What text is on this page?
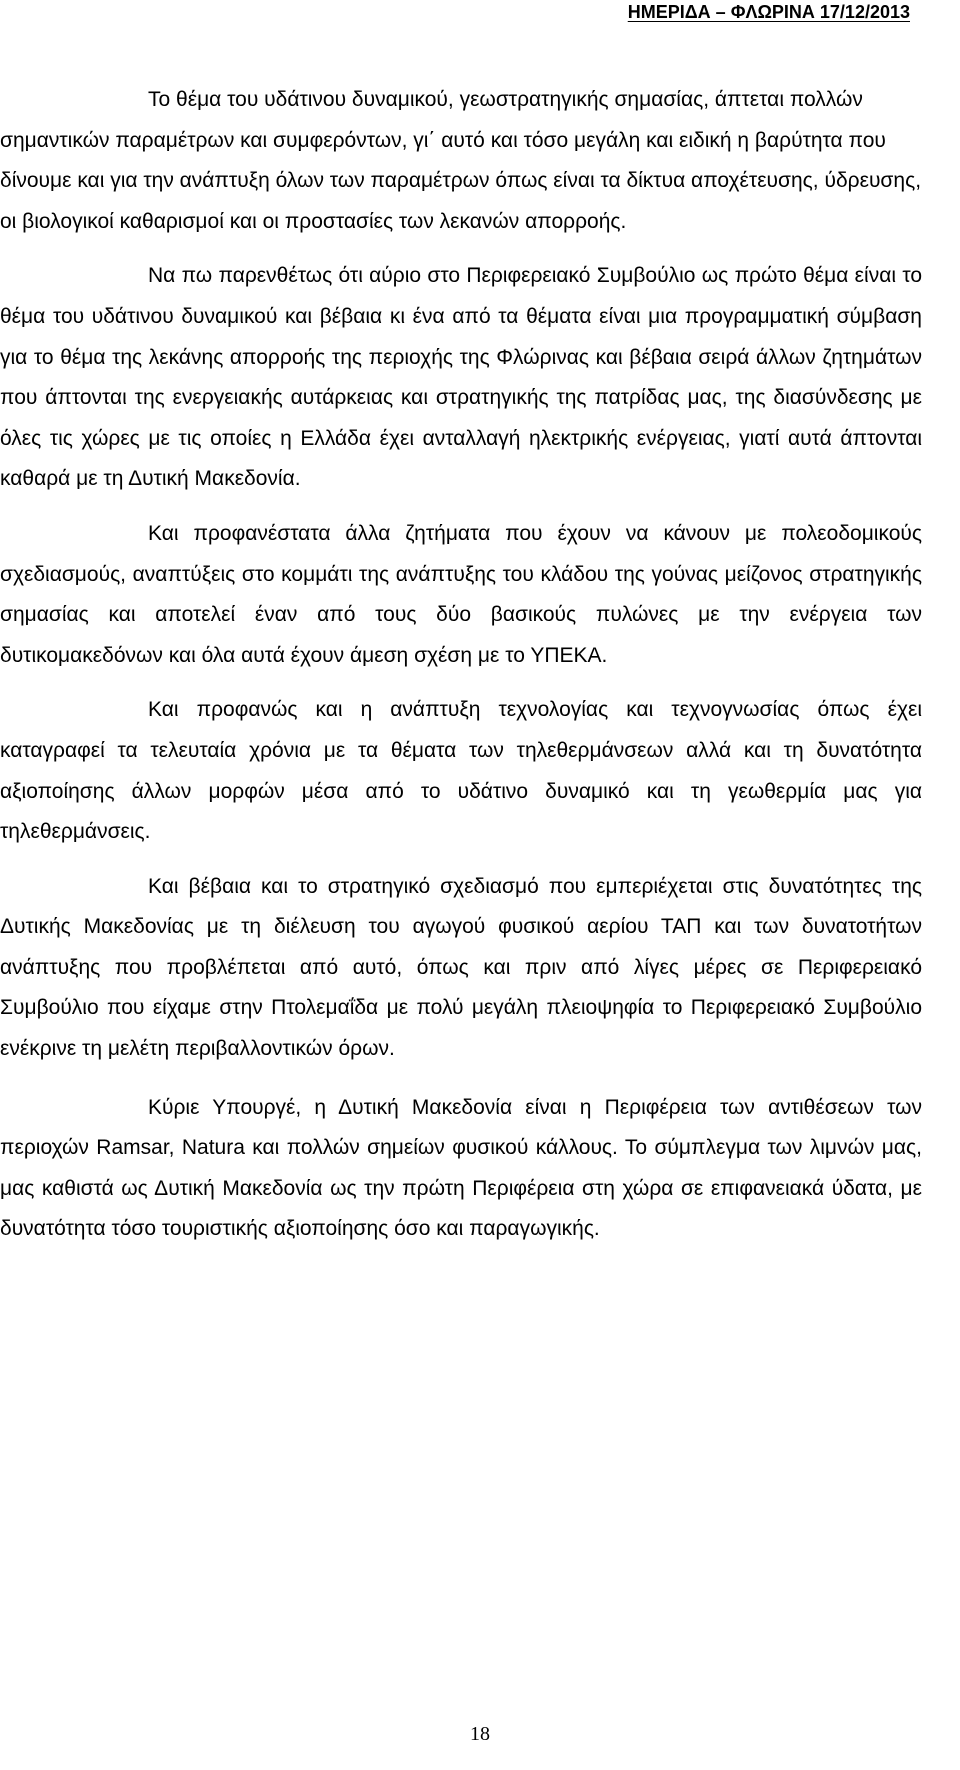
ΗΜΕΡΙΔΑ – ΦΛΩΡΙΝΑ 17/12/2013

Το θέμα του υδάτινου δυναμικού, γεωστρατηγικής σημασίας, άπτεται πολλών σημαντικών παραμέτρων και συμφερόντων, γι΄ αυτό και τόσο μεγάλη και ειδική η βαρύτητα που δίνουμε και για την ανάπτυξη όλων των παραμέτρων όπως είναι τα δίκτυα αποχέτευσης, ύδρευσης, οι βιολογικοί καθαρισμοί και οι προστασίες των λεκανών απορροής.

Να πω παρενθέτως ότι αύριο στο Περιφερειακό Συμβούλιο ως πρώτο θέμα είναι το θέμα του υδάτινου δυναμικού και βέβαια κι ένα από τα θέματα είναι μια προγραμματική σύμβαση για το θέμα της λεκάνης απορροής της περιοχής της Φλώρινας και βέβαια σειρά άλλων ζητημάτων που άπτονται της ενεργειακής αυτάρκειας και στρατηγικής της πατρίδας μας, της διασύνδεσης με όλες τις χώρες με τις οποίες η Ελλάδα έχει ανταλλαγή ηλεκτρικής ενέργειας, γιατί αυτά άπτονται καθαρά με τη Δυτική Μακεδονία.

Και προφανέστατα άλλα ζητήματα που έχουν να κάνουν με πολεοδομικούς σχεδιασμούς, αναπτύξεις στο κομμάτι της ανάπτυξης του κλάδου της γούνας μείζονος στρατηγικής σημασίας και αποτελεί έναν από τους δύο βασικούς πυλώνες με την ενέργεια των δυτικομακεδόνων και όλα αυτά έχουν άμεση σχέση με το ΥΠΕΚΑ.

Και προφανώς και η ανάπτυξη τεχνολογίας και τεχνογνωσίας όπως έχει καταγραφεί τα τελευταία χρόνια με τα θέματα των τηλεθερμάνσεων αλλά και τη δυνατότητα αξιοποίησης άλλων μορφών μέσα από το υδάτινο δυναμικό και τη γεωθερμία μας για τηλεθερμάνσεις.

Και βέβαια και το στρατηγικό σχεδιασμό που εμπεριέχεται στις δυνατότητες της Δυτικής Μακεδονίας με τη διέλευση του αγωγού φυσικού αερίου ΤΑΠ και των δυνατοτήτων ανάπτυξης που προβλέπεται από αυτό, όπως και πριν από λίγες μέρες σε Περιφερειακό Συμβούλιο που είχαμε στην Πτολεμαΐδα με πολύ μεγάλη πλειοψηφία το Περιφερειακό Συμβούλιο ενέκρινε τη μελέτη περιβαλλοντικών όρων.

Κύριε Υπουργέ, η Δυτική Μακεδονία είναι η Περιφέρεια των αντιθέσεων των περιοχών Ramsar, Natura και πολλών σημείων φυσικού κάλλους. Το σύμπλεγμα των λιμνών μας, μας καθιστά ως Δυτική Μακεδονία ως την πρώτη Περιφέρεια στη χώρα σε επιφανειακά ύδατα, με δυνατότητα τόσο τουριστικής αξιοποίησης όσο και παραγωγικής.

18
